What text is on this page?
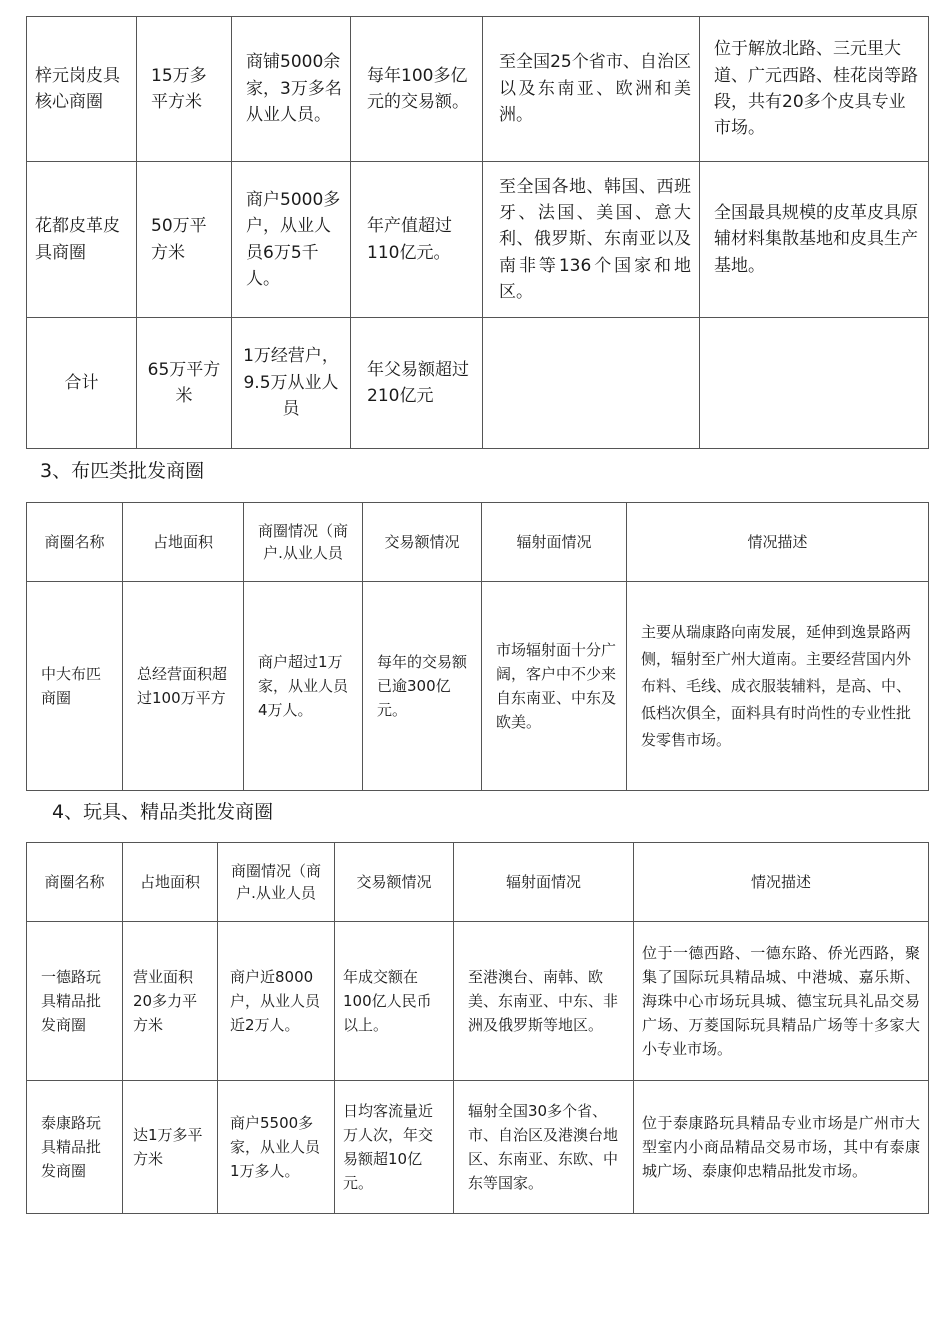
梓元岗皮具核心商圈	15万多平方米	商铺5000余家，3万多名从业人员。	每年100多亿元的交易额。	至全国25个省市、自治区以及东南亚、欧洲和美洲。	位于解放北路、三元里大道、广元西路、桂花岗等路段，共有20多个皮具专业市场。
花都皮革皮具商圈	50万平方米	商户5000多户，从业人员6万5千人。	年产值超过110亿元。	至全国各地、韩国、西班牙、法国、美国、意大利、俄罗斯、东南亚以及南非等136个国家和地区。	全国最具规模的皮革皮具原辅材料集散基地和皮具生产基地。
合计	65万平方米	1万经营户，9.5万从业人员	年父易额超过210亿元		

3、布匹类批发商圈

商圈名称	占地面积	商圈情况（商户.从业人员	交易额情况	辐射面情况	情况描述
中大布匹商圈	总经营面积超过100万平方	商户超过1万家，从业人员4万人。	每年的交易额已逾300亿元。	市场辐射面十分广阔，客户中不少来自东南亚、中东及欧美。	主要从瑞康路向南发展，延伸到逸景路两侧，辐射至广州大道南。主要经营国内外布料、毛线、成衣服装辅料，是高、中、低档次俱全，面料具有时尚性的专业性批发零售市场。

4、玩具、精品类批发商圈

商圈名称	占地面积	商圈情况（商户.从业人员	交易额情况	辐射面情况	情况描述
一德路玩具精品批发商圈	营业面积20多力平方米	商户近8000户，从业人员近2万人。	年成交额在100亿人民币以上。	至港澳台、南韩、欧美、东南亚、中东、非洲及俄罗斯等地区。	位于一德西路、一德东路、侨光西路，聚集了国际玩具精品城、中港城、嘉乐斯、海珠中心市场玩具城、德宝玩具礼品交易广场、万菱国际玩具精品广场等十多家大小专业市场。
泰康路玩具精品批发商圈	达1万多平方米	商户5500多家，从业人员1万多人。	日均客流量近万人次，年交易额超10亿元。	辐射全国30多个省、市、自治区及港澳台地区、东南亚、东欧、中东等国家。	位于泰康路玩具精品专业市场是广州市大型室内小商品精品交易市场，其中有泰康城广场、泰康仰忠精品批发市场。
